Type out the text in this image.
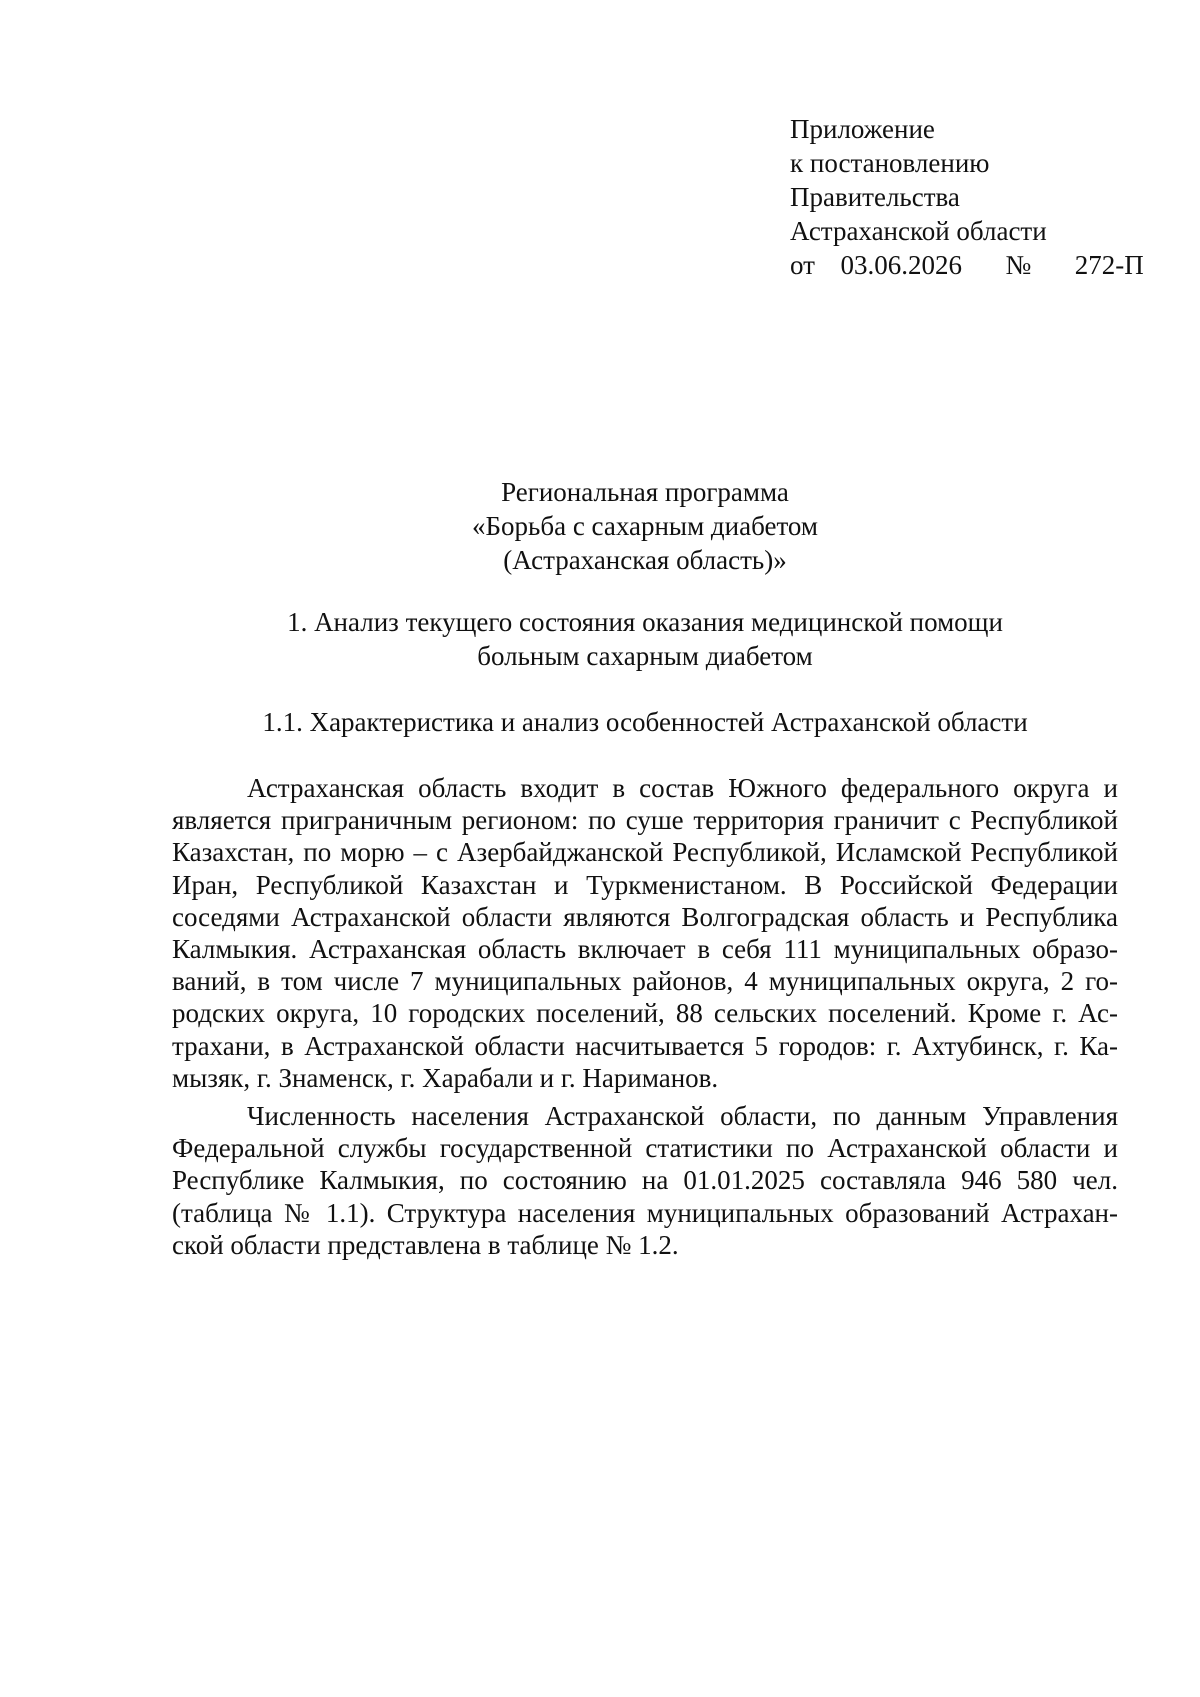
Приложение
к постановлению
Правительства
Астраханской области
от 03.06.2026 № 272-П
Региональная программа
«Борьба с сахарным диабетом
(Астраханская область)»
1. Анализ текущего состояния оказания медицинской помощи
больным сахарным диабетом
1.1. Характеристика и анализ особенностей Астраханской области

Астраханская область входит в состав Южного федерального округа и является приграничным регионом: по суше территория граничит с Республикой Казахстан, по морю – с Азербайджанской Республикой, Исламской Республикой Иран, Республикой Казахстан и Туркменистаном. В Российской Федерации соседями Астраханской области являются Волгоградская область и Республика Калмыкия. Астраханская область включает в себя 111 муниципальных образований, в том числе 7 муниципальных районов, 4 муниципальных округа, 2 городских округа, 10 городских поселений, 88 сельских поселений. Кроме г. Астрахани, в Астраханской области насчитывается 5 городов: г. Ахтубинск, г. Камызяк, г. Знаменск, г. Харабали и г. Нариманов.

Численность населения Астраханской области, по данным Управления Федеральной службы государственной статистики по Астраханской области и Республике Калмыкия, по состоянию на 01.01.2025 составляла 946 580 чел. (таблица № 1.1). Структура населения муниципальных образований Астраханской области представлена в таблице № 1.2.
